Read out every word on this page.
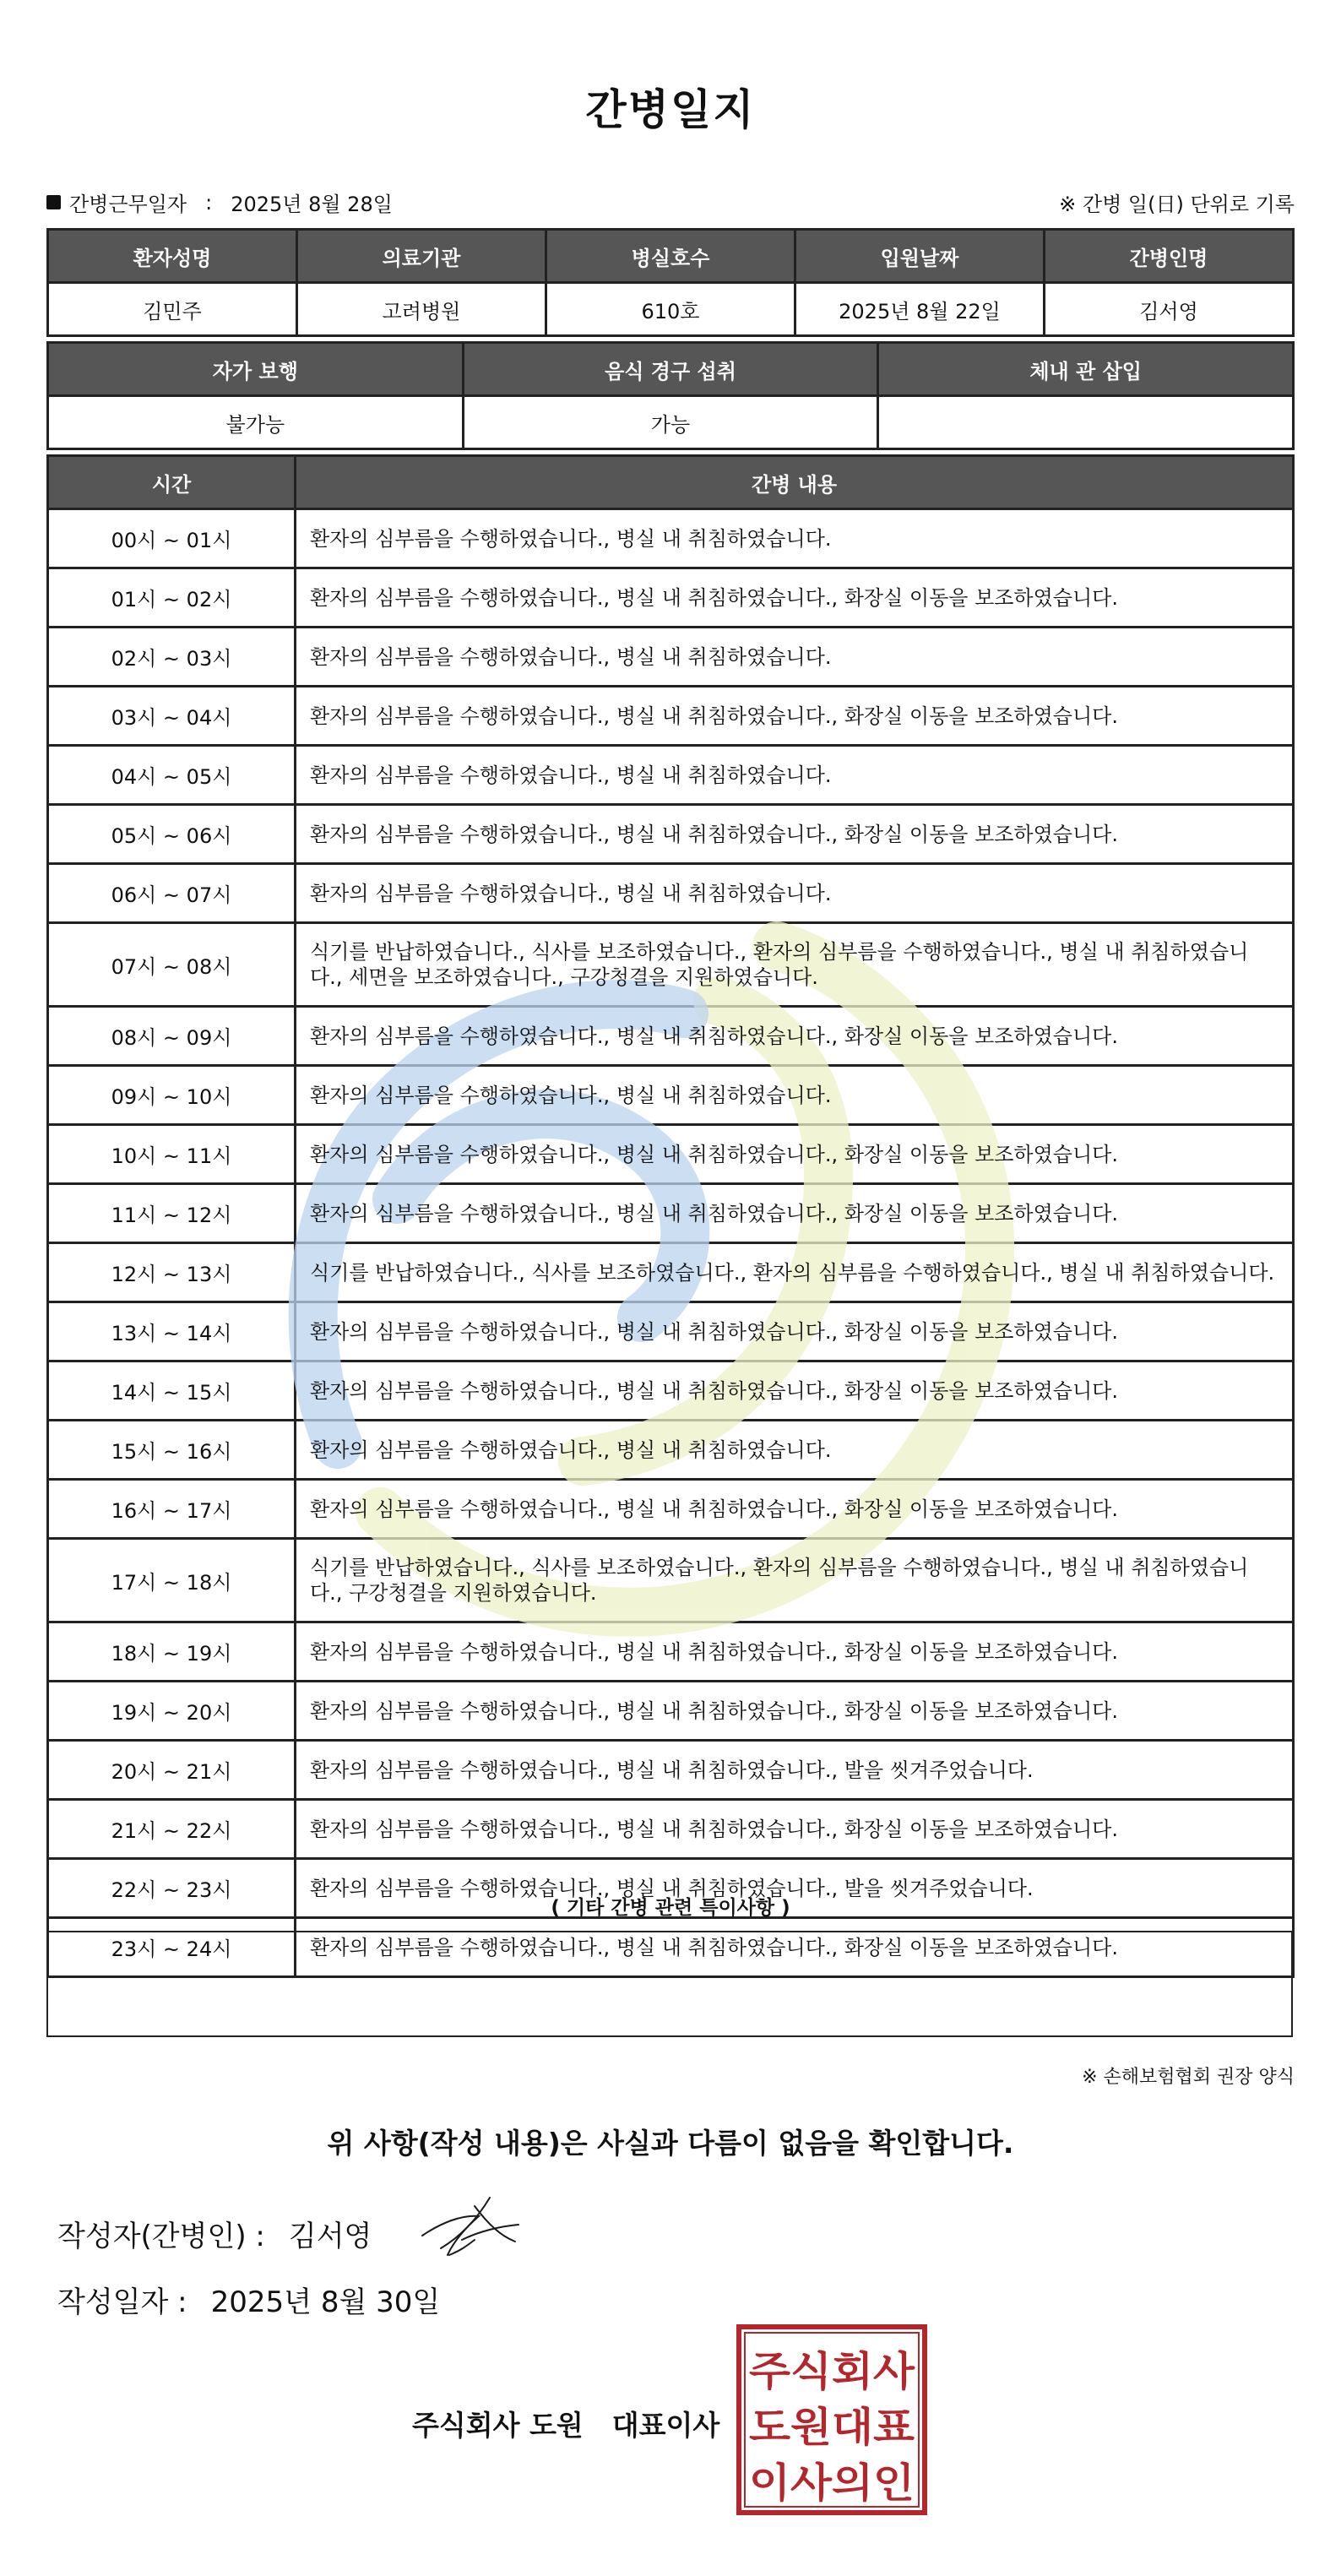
간병일지
간병근무일자 : 2025년 8월 28일	※ 간병 일(日) 단위로 기록
환자성명	의료기관	병실호수	입원날짜	간병인명
김민주	고려병원	610호	2025년 8월 22일	김서영
자가 보행	음식 경구 섭취	체내 관 삽입
불가능	가능	
시간	간병 내용
00시 ~ 01시	환자의 심부름을 수행하였습니다., 병실 내 취침하였습니다.
01시 ~ 02시	환자의 심부름을 수행하였습니다., 병실 내 취침하였습니다., 화장실 이동을 보조하였습니다.
02시 ~ 03시	환자의 심부름을 수행하였습니다., 병실 내 취침하였습니다.
03시 ~ 04시	환자의 심부름을 수행하였습니다., 병실 내 취침하였습니다., 화장실 이동을 보조하였습니다.
04시 ~ 05시	환자의 심부름을 수행하였습니다., 병실 내 취침하였습니다.
05시 ~ 06시	환자의 심부름을 수행하였습니다., 병실 내 취침하였습니다., 화장실 이동을 보조하였습니다.
06시 ~ 07시	환자의 심부름을 수행하였습니다., 병실 내 취침하였습니다.
07시 ~ 08시	식기를 반납하였습니다., 식사를 보조하였습니다., 환자의 심부름을 수행하였습니다., 병실 내 취침하였습니다., 세면을 보조하였습니다., 구강청결을 지원하였습니다.
08시 ~ 09시	환자의 심부름을 수행하였습니다., 병실 내 취침하였습니다., 화장실 이동을 보조하였습니다.
09시 ~ 10시	환자의 심부름을 수행하였습니다., 병실 내 취침하였습니다.
10시 ~ 11시	환자의 심부름을 수행하였습니다., 병실 내 취침하였습니다., 화장실 이동을 보조하였습니다.
11시 ~ 12시	환자의 심부름을 수행하였습니다., 병실 내 취침하였습니다., 화장실 이동을 보조하였습니다.
12시 ~ 13시	식기를 반납하였습니다., 식사를 보조하였습니다., 환자의 심부름을 수행하였습니다., 병실 내 취침하였습니다.
13시 ~ 14시	환자의 심부름을 수행하였습니다., 병실 내 취침하였습니다., 화장실 이동을 보조하였습니다.
14시 ~ 15시	환자의 심부름을 수행하였습니다., 병실 내 취침하였습니다., 화장실 이동을 보조하였습니다.
15시 ~ 16시	환자의 심부름을 수행하였습니다., 병실 내 취침하였습니다.
16시 ~ 17시	환자의 심부름을 수행하였습니다., 병실 내 취침하였습니다., 화장실 이동을 보조하였습니다.
17시 ~ 18시	식기를 반납하였습니다., 식사를 보조하였습니다., 환자의 심부름을 수행하였습니다., 병실 내 취침하였습니다., 구강청결을 지원하였습니다.
18시 ~ 19시	환자의 심부름을 수행하였습니다., 병실 내 취침하였습니다., 화장실 이동을 보조하였습니다.
19시 ~ 20시	환자의 심부름을 수행하였습니다., 병실 내 취침하였습니다., 화장실 이동을 보조하였습니다.
20시 ~ 21시	환자의 심부름을 수행하였습니다., 병실 내 취침하였습니다., 발을 씻겨주었습니다.
21시 ~ 22시	환자의 심부름을 수행하였습니다., 병실 내 취침하였습니다., 화장실 이동을 보조하였습니다.
22시 ~ 23시	환자의 심부름을 수행하였습니다., 병실 내 취침하였습니다., 발을 씻겨주었습니다.
23시 ~ 24시	환자의 심부름을 수행하였습니다., 병실 내 취침하였습니다., 화장실 이동을 보조하였습니다.
( 기타 간병 관련 특이사항 )
※ 손해보험협회 권장 양식
위 사항(작성 내용)은 사실과 다름이 없음을 확인합니다.
작성자(간병인) : 김서영
작성일자 : 2025년 8월 30일
주식회사 도원 대표이사
주식회사
도원대표
이사의인
